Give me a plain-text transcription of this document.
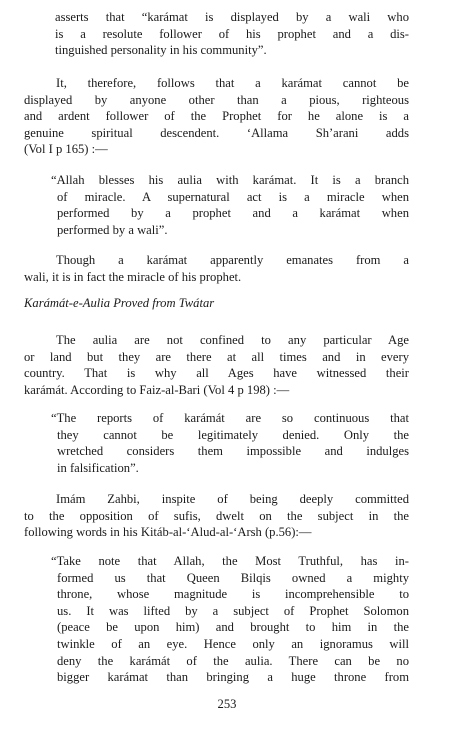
asserts that “karámat is displayed by a wali who
is a resolute follower of his prophet and a dis-
tinguished personality in his community”.
It, therefore, follows that a karámat cannot be
displayed by anyone other than a pious, righteous
and ardent follower of the Prophet for he alone is a
genuine spiritual descendent. ‘Allama Sh’arani adds
(Vol I p 165) :—
“Allah blesses his aulia with karámat. It is a branch
of miracle. A supernatural act is a miracle when
performed by a prophet and a karámat when
performed by a wali”.
Though a karámat apparently emanates from a
wali, it is in fact the miracle of his prophet.
Karámát-e-Aulia Proved from Twátar
The aulia are not confined to any particular Age
or land but they are there at all times and in every
country. That is why all Ages have witnessed their
karámát. According to Faiz-al-Bari (Vol 4 p 198) :—
“The reports of karámát are so continuous that
they cannot be legitimately denied. Only the
wretched considers them impossible and indulges
in falsification”.
Imám Zahbi, inspite of being deeply committed
to the opposition of sufis, dwelt on the subject in the
following words in his Kitáb-al-‘Alud-al-‘Arsh (p.56):—
“Take note that Allah, the Most Truthful, has in-
formed us that Queen Bilqis owned a mighty
throne, whose magnitude is incomprehensible to
us. It was lifted by a subject of Prophet Solomon
(peace be upon him) and brought to him in the
twinkle of an eye. Hence only an ignoramus will
deny the karámát of the aulia. There can be no
bigger karámat than bringing a huge throne from
253
